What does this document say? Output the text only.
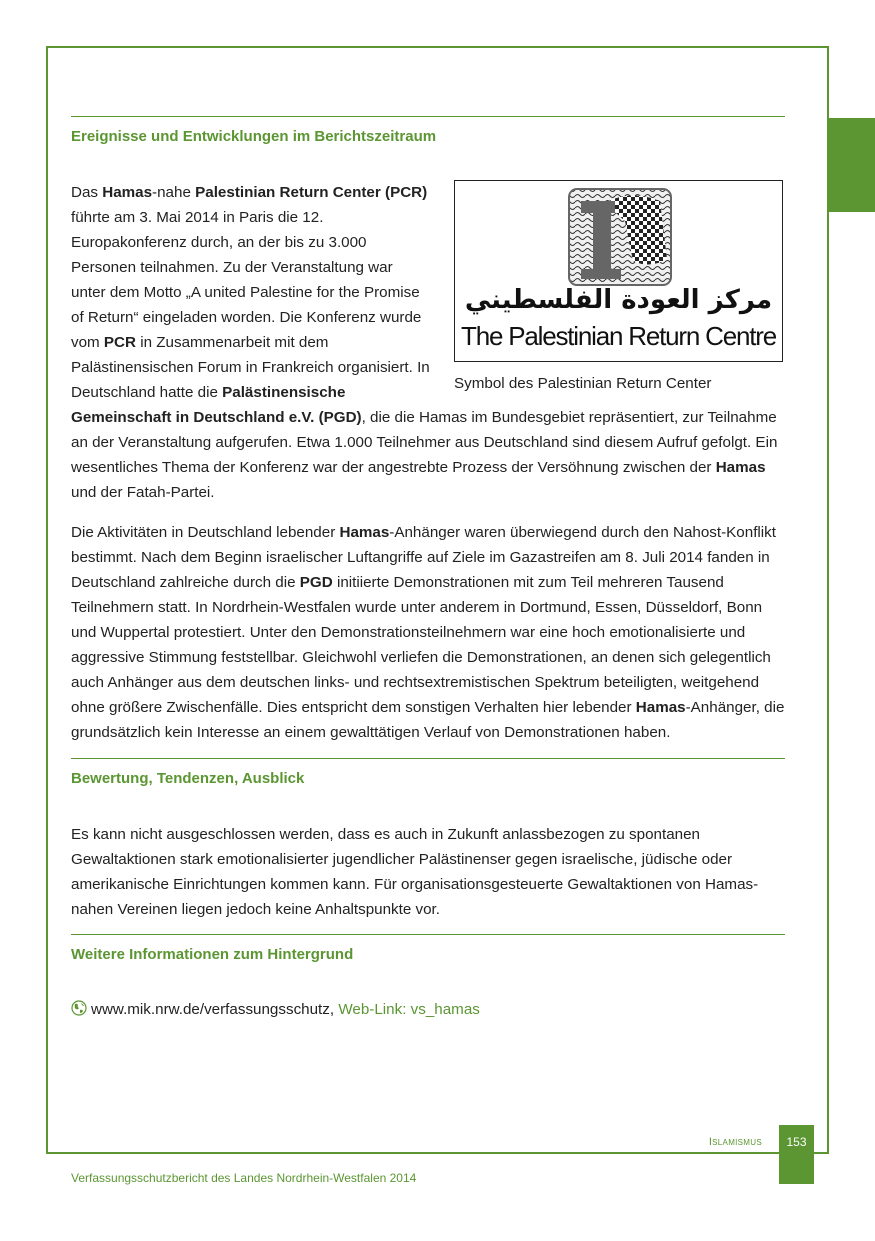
Ereignisse und Entwicklungen im Berichtszeitraum
مركز العودة الفلسطيني
The Palestinian Return Centre
Symbol des Palestinian Return Center

Das Hamas-nahe Palestinian Return Center (PCR) führte am 3. Mai 2014 in Paris die 12. Europakonferenz durch, an der bis zu 3.000 Personen teilnahmen. Zu der Veranstaltung war unter dem Motto „A united Palestine for the Promise of Return“ eingeladen worden. Die Konferenz wurde vom PCR in Zusammenarbeit mit dem Palästinensischen Forum in Frankreich organisiert. In Deutschland hatte die Palästinensische Gemeinschaft in Deutschland e.V. (PGD), die die Hamas im Bundesgebiet repräsentiert, zur Teilnahme an der Veranstaltung aufgerufen. Etwa 1.000 Teilnehmer aus Deutschland sind diesem Aufruf gefolgt. Ein wesentliches Thema der Konferenz war der angestrebte Prozess der Versöhnung zwischen der Hamas und der Fatah-Partei.

Die Aktivitäten in Deutschland lebender Hamas-Anhänger waren überwiegend durch den Nahost-Konflikt bestimmt. Nach dem Beginn israelischer Luftangriffe auf Ziele im Gazastreifen am 8. Juli 2014 fanden in Deutschland zahlreiche durch die PGD initiierte Demonstrationen mit zum Teil mehreren Tausend Teilnehmern statt. In Nordrhein-Westfalen wurde unter anderem in Dortmund, Essen, Düsseldorf, Bonn und Wuppertal protestiert. Unter den Demonstrationsteilnehmern war eine hoch emotionalisierte und aggressive Stimmung feststellbar. Gleichwohl verliefen die Demonstrationen, an denen sich gelegentlich auch Anhänger aus dem deutschen links- und rechtsextremistischen Spektrum beteiligten, weitgehend ohne größere Zwischenfälle. Dies entspricht dem sonstigen Verhalten hier lebender Hamas-Anhänger, die grundsätzlich kein Interesse an einem gewalttätigen Verlauf von Demonstrationen haben.

Bewertung, Tendenzen, Ausblick

Es kann nicht ausgeschlossen werden, dass es auch in Zukunft anlassbezogen zu spontanen Gewaltaktionen stark emotionalisierter jugendlicher Palästinenser gegen israelische, jüdische oder amerikanische Einrichtungen kommen kann. Für organisationsgesteuerte Gewaltaktionen von Hamas-nahen Vereinen liegen jedoch keine Anhaltspunkte vor.

Weitere Informationen zum Hintergrund
www.mik.nrw.de/verfassungsschutz, Web-Link: vs_hamas
Islamismus	153
Verfassungsschutzbericht des Landes Nordrhein-Westfalen 2014
